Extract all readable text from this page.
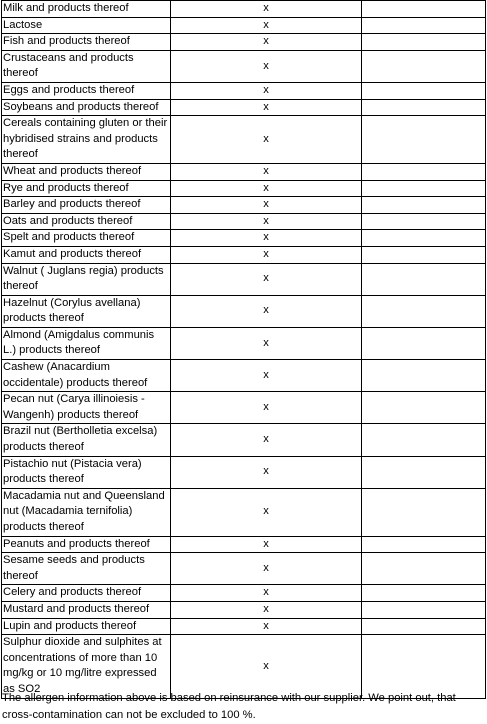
Milk and products thereof	x	
Lactose	x	
Fish and products thereof	x	
Crustaceans and products thereof	x	
Eggs and products thereof	x	
Soybeans and products thereof	x	
Cereals containing gluten or their hybridised strains and products thereof	x	
Wheat and products thereof	x	
Rye and products thereof	x	
Barley and products thereof	x	
Oats and products thereof	x	
Spelt and products thereof	x	
Kamut and products thereof	x	
Walnut ( Juglans regia) products thereof	x	
Hazelnut (Corylus avellana) products thereof	x	
Almond (Amigdalus communis L.) products thereof	x	
Cashew (Anacardium occidentale) products thereof	x	
Pecan nut (Carya illinoiesis - Wangenh) products thereof	x	
Brazil nut (Bertholletia excelsa) products thereof	x	
Pistachio nut (Pistacia vera) products thereof	x	
Macadamia nut and Queensland nut (Macadamia ternifolia) products thereof	x	
Peanuts and products thereof	x	
Sesame seeds and products thereof	x	
Celery and products thereof	x	
Mustard and products thereof	x	
Lupin and products thereof	x	
Sulphur dioxide and sulphites at concentrations of more than 10 mg/kg or 10 mg/litre expressed as SO2	x	

The allergen information above is based on reinsurance with our supplier. We point out, that cross-contamination can not be excluded to 100 %.
